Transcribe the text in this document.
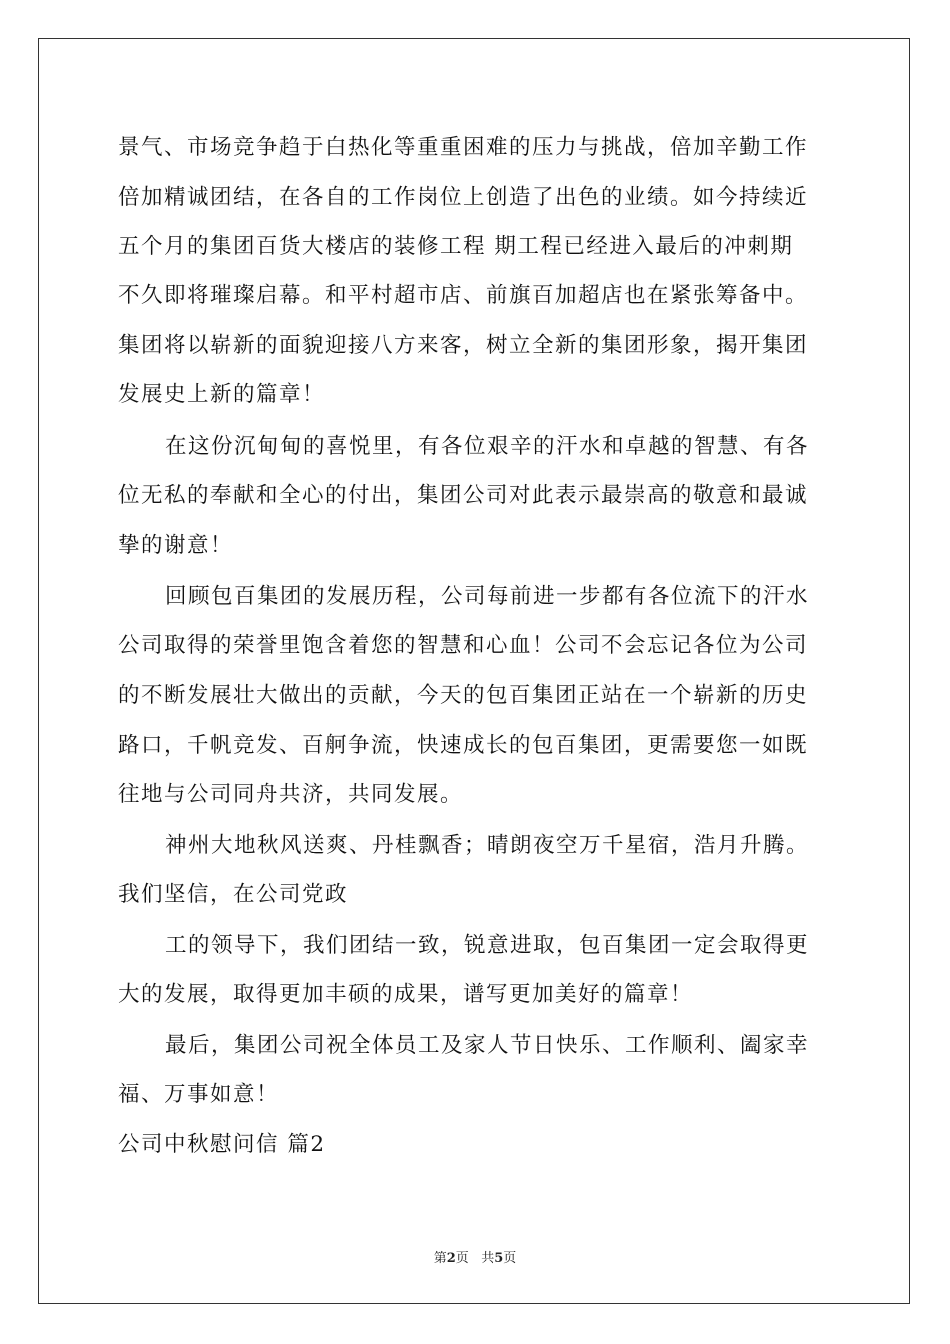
景气、市场竞争趋于白热化等重重困难的压力与挑战，倍加辛勤工作
倍加精诚团结，在各自的工作岗位上创造了出色的业绩。如今持续近
五个月的集团百货大楼店的装修工程 期工程已经进入最后的冲刺期
不久即将璀璨启幕。和平村超市店、前旗百加超店也在紧张筹备中。
集团将以崭新的面貌迎接八方来客，树立全新的集团形象，揭开集团
发展史上新的篇章！
在这份沉甸甸的喜悦里，有各位艰辛的汗水和卓越的智慧、有各
位无私的奉献和全心的付出，集团公司对此表示最崇高的敬意和最诚
挚的谢意！
回顾包百集团的发展历程，公司每前进一步都有各位流下的汗水
公司取得的荣誉里饱含着您的智慧和心血！公司不会忘记各位为公司
的不断发展壮大做出的贡献，今天的包百集团正站在一个崭新的历史
路口，千帆竞发、百舸争流，快速成长的包百集团，更需要您一如既
往地与公司同舟共济，共同发展。
神州大地秋风送爽、丹桂飘香；晴朗夜空万千星宿，浩月升腾。
我们坚信，在公司党政
工的领导下，我们团结一致，锐意进取，包百集团一定会取得更
大的发展，取得更加丰硕的成果，谱写更加美好的篇章！
最后，集团公司祝全体员工及家人节日快乐、工作顺利、阖家幸
福、万事如意！
公司中秋慰问信 篇2
第2页 共5页
